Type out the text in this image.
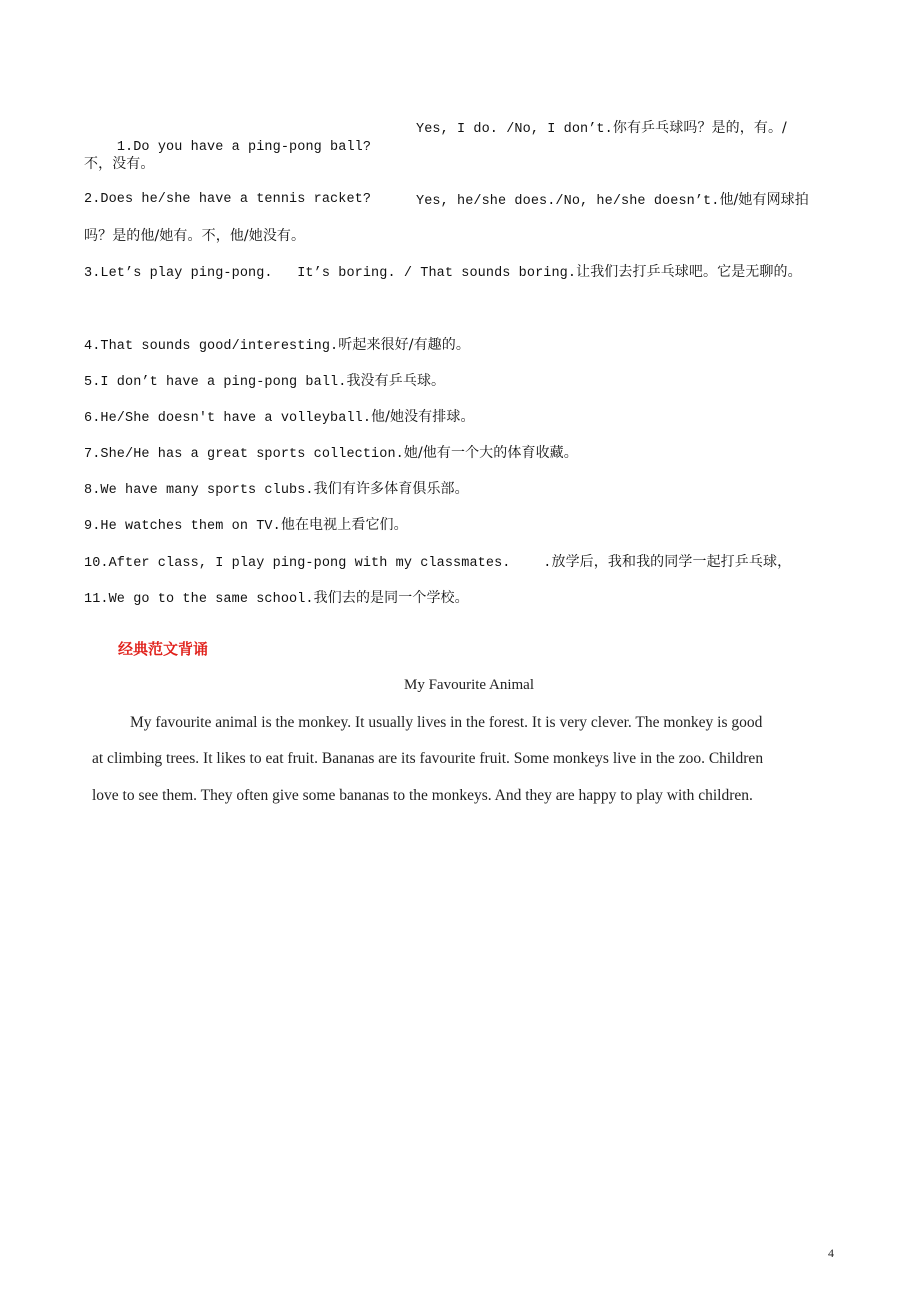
1.Do you have a ping-pong ball?

Yes, I do. /No, I don’t.你有乒乓球吗？是的，有。/
不，没有。
2.Does he/she have a tennis racket?	Yes, he/she does./No, he/she doesn’t.他/她有网球拍
吗？是的他/她有。不，他/她没有。
3.Let’s play ping-pong.   It’s boring. / That sounds boring.让我们去打乒乓球吧。它是无聊的。
4.That sounds good/interesting.听起来很好/有趣的。
5.I don’t have a ping-pong ball.我没有乒乓球。
6.He/She doesn't have a volleyball.他/她没有排球。
7.She/He has a great sports collection.她/他有一个大的体育收藏。
8.We have many sports clubs.我们有许多体育俱乐部。
9.He watches them on TV.他在电视上看它们。
10.After class, I play ping-pong with my classmates.    .放学后，我和我的同学一起打乒乓球，
11.We go to the same school.我们去的是同一个学校。
经典范文背诵
My Favourite Animal
My favourite animal is the monkey. It usually lives in the forest. It is very clever. The monkey is good
at climbing trees. It likes to eat fruit. Bananas are its favourite fruit. Some monkeys live in the zoo. Children
love to see them. They often give some bananas to the monkeys. And they are happy to play with children.
4
